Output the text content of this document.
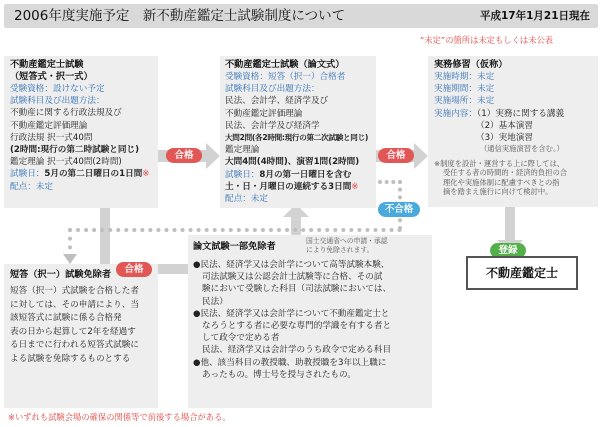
2006年度実施予定　新不動産鑑定士試験制度について	平成17年1月21日現在
“未定”の箇所は未定もしくは未公表
不動産鑑定士試験
（短答式・択一式）
受験資格：設けない予定
試験科目及び出題方法：
不動産に関する行政法規及び
不動産鑑定評価理論
行政法規 択一式40問
(2時間:現行の第二時試験と同じ)
鑑定理論 択一式40問(2時間)
試験日：5月の第二日曜日の1日間※
配点：未定
不動産鑑定士試験（論文式）
受験資格：短答（択一）合格者
試験科目及び出題方法：
民法、会計学、経済学及び
不動産鑑定評価理論
民法、会計学及び経済学
大問2問(各2時間:現行の第二次試験と同じ)
鑑定理論
大問4問(4時間)、演習1問(2時間)
試験日：8月の第一日曜日を含む
土・日・月曜日の連続する3日間※
配点：未定
実務修習（仮称）
実施時期：未定
実施期間：未定
実施場所：未定
実施内容：（1）実務に関する講義
（2）基本演習
（3）実地演習
（通信実施演習を含む。）
※制度を設計・運営する上に際しては、
受任する者の時間的・経済的負担の合
理化や実施体制に配慮すべきとの指
摘を踏まえ施行に向けて検討中。
短答（択一）試験免除者
短答（択一）式試験を合格した者
に対しては、その申請により、当
該短答式に試験に係る合格発
表の日から起算して2年を経過す
る日までに行われる短答式試験に
よる試験を免除するものとする
論文試験一部免除者	国土交通省への申請・承認
により免除されます。
●民法、経済学又は会計学について高等試験本験、
司法試験又は公認会計士試験等に合格、その試
験において受験した科目（司法試験においては、
民法）
●民法、経済学又は会計学について不動産鑑定士と
なろうとする者に必要な専門的学識を有する者と
して政令で定める者
民法、経済学又は会計学のうち政令で定める科目
●他、該当科目の教授職、助教授職を3年以上職に
あったもの。博士号を授与されたもの。
合格	合格
不合格
合格
登録
不動産鑑定士
※いずれも試験会場の確保の関係等で前後する場合がある。
